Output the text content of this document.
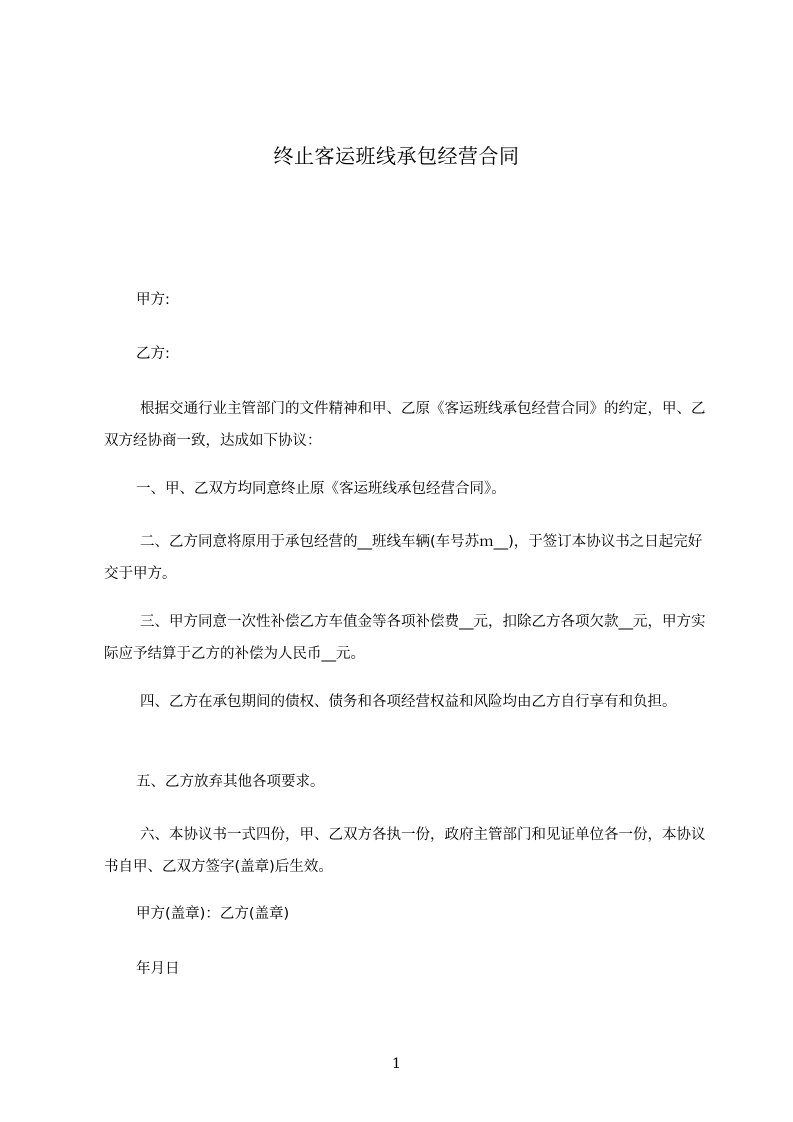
终止客运班线承包经营合同

甲方:

乙方:

根据交通行业主管部门的文件精神和甲、乙原《客运班线承包经营合同》的约定，甲、乙双方经协商一致，达成如下协议：

一、甲、乙双方均同意终止原《客运班线承包经营合同》。

二、乙方同意将原用于承包经营的__班线车辆(车号苏ｍ__)，于签订本协议书之日起完好交于甲方。

三、甲方同意一次性补偿乙方车值金等各项补偿费__元，扣除乙方各项欠款__元，甲方实际应予结算于乙方的补偿为人民币__元。

四、乙方在承包期间的债权、债务和各项经营权益和风险均由乙方自行享有和负担。

五、乙方放弃其他各项要求。

六、本协议书一式四份，甲、乙双方各执一份，政府主管部门和见证单位各一份，本协议书自甲、乙双方签字(盖章)后生效。

甲方(盖章)：乙方(盖章)

年月日

1
